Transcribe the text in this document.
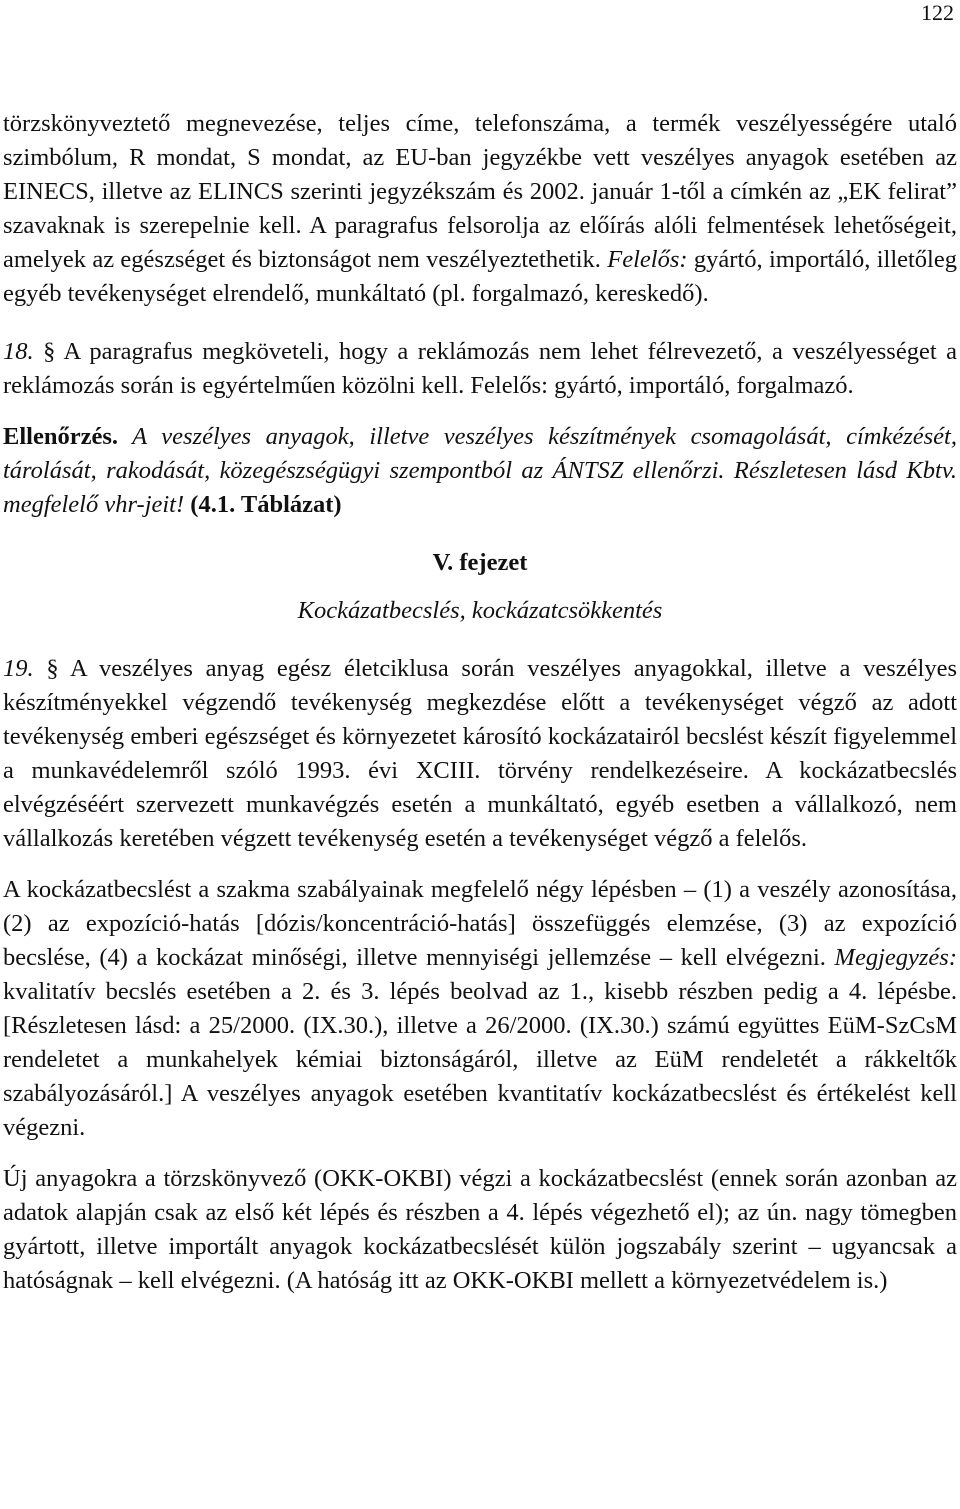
122

törzskönyveztető megnevezése, teljes címe, telefonszáma, a termék veszélyességére utaló szimbólum, R mondat, S mondat, az EU-ban jegyzékbe vett veszélyes anyagok esetében az EINECS, illetve az ELINCS szerinti jegyzékszám és 2002. január 1-től a címkén az „EK felirat” szavaknak is szerepelnie kell. A paragrafus felsorolja az előírás alóli felmentések lehetőségeit, amelyek az egészséget és biztonságot nem veszélyeztethetik. Felelős: gyártó, importáló, illetőleg egyéb tevékenységet elrendelő, munkáltató (pl. forgalmazó, kereskedő).

18. § A paragrafus megköveteli, hogy a reklámozás nem lehet félrevezető, a veszélyességet a reklámozás során is egyértelműen közölni kell. Felelős: gyártó, importáló, forgalmazó.

Ellenőrzés. A veszélyes anyagok, illetve veszélyes készítmények csomagolását, címkézését, tárolását, rakodását, közegészségügyi szempontból az ÁNTSZ ellenőrzi. Részletesen lásd Kbtv. megfelelő vhr-jeit! (4.1. Táblázat)

V. fejezet

Kockázatbecslés, kockázatcsökkentés

19. § A veszélyes anyag egész életciklusa során veszélyes anyagokkal, illetve a veszélyes készítményekkel végzendő tevékenység megkezdése előtt a tevékenységet végző az adott tevékenység emberi egészséget és környezetet károsító kockázatairól becslést készít figyelemmel a munkavédelemről szóló 1993. évi XCIII. törvény rendelkezéseire. A kockázatbecslés elvégzéséért szervezett munkavégzés esetén a munkáltató, egyéb esetben a vállalkozó, nem vállalkozás keretében végzett tevékenység esetén a tevékenységet végző a felelős.

A kockázatbecslést a szakma szabályainak megfelelő négy lépésben – (1) a veszély azonosítása, (2) az expozíció-hatás [dózis/koncentráció-hatás] összefüggés elemzése, (3) az expozíció becslése, (4) a kockázat minőségi, illetve mennyiségi jellemzése – kell elvégezni. Megjegyzés: kvalitatív becslés esetében a 2. és 3. lépés beolvad az 1., kisebb részben pedig a 4. lépésbe. [Részletesen lásd: a 25/2000. (IX.30.), illetve a 26/2000. (IX.30.) számú együttes EüM-SzCsM rendeletet a munkahelyek kémiai biztonságáról, illetve az EüM rendeletét a rákkeltők szabályozásáról.] A veszélyes anyagok esetében kvantitatív kockázatbecslést és értékelést kell végezni.

Új anyagokra a törzskönyvező (OKK-OKBI) végzi a kockázatbecslést (ennek során azonban az adatok alapján csak az első két lépés és részben a 4. lépés végezhető el); az ún. nagy tömegben gyártott, illetve importált anyagok kockázatbecslését külön jogszabály szerint – ugyancsak a hatóságnak – kell elvégezni. (A hatóság itt az OKK-OKBI mellett a környezetvédelem is.)
